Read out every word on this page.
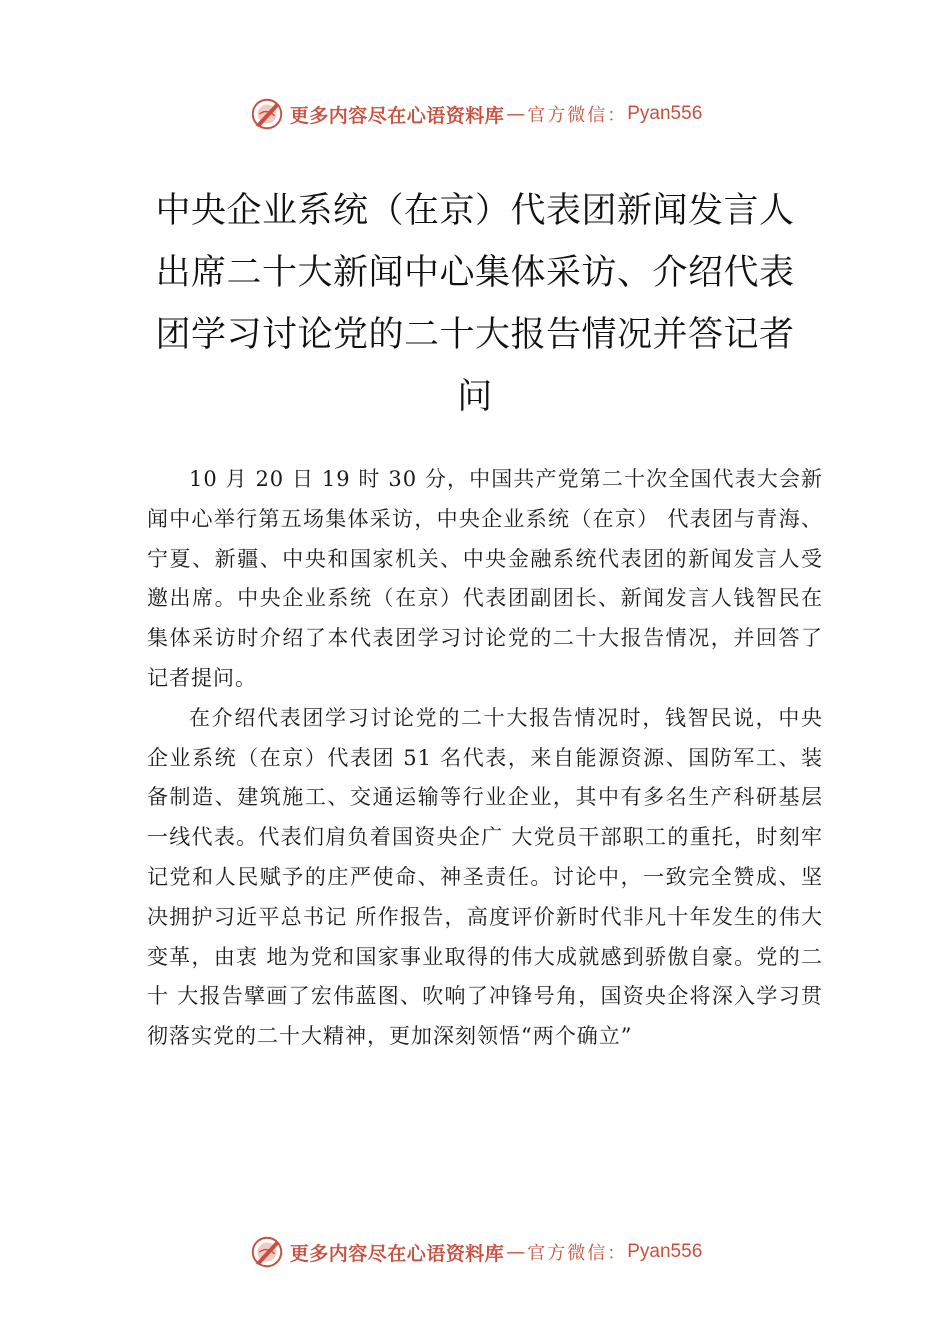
更多内容尽在心语资料库 — 官方微信： Pyan556
中央企业系统（在京）代表团新闻发言人
出席二十大新闻中心集体采访、介绍代表
团学习讨论党的二十大报告情况并答记者
问

10 月 20 日 19 时 30 分，中国共产党第二十次全国代表大会新闻中心举行第五场集体采访，中央企业系统（在京） 代表团与青海、宁夏、新疆、中央和国家机关、中央金融系统代表团的新闻发言人受邀出席。中央企业系统（在京）代表团副团长、新闻发言人钱智民在集体采访时介绍了本代表团学习讨论党的二十大报告情况，并回答了记者提问。

在介绍代表团学习讨论党的二十大报告情况时，钱智民说，中央企业系统（在京）代表团 51 名代表，来自能源资源、国防军工、装备制造、建筑施工、交通运输等行业企业，其中有多名生产科研基层一线代表。代表们肩负着国资央企广 大党员干部职工的重托，时刻牢记党和人民赋予的庄严使命、神圣责任。讨论中，一致完全赞成、坚决拥护习近平总书记 所作报告，高度评价新时代非凡十年发生的伟大变革，由衷 地为党和国家事业取得的伟大成就感到骄傲自豪。党的二十 大报告擘画了宏伟蓝图、吹响了冲锋号角，国资央企将深入学习贯彻落实党的二十大精神，更加深刻领悟“两个确立”

更多内容尽在心语资料库 — 官方微信： Pyan556
